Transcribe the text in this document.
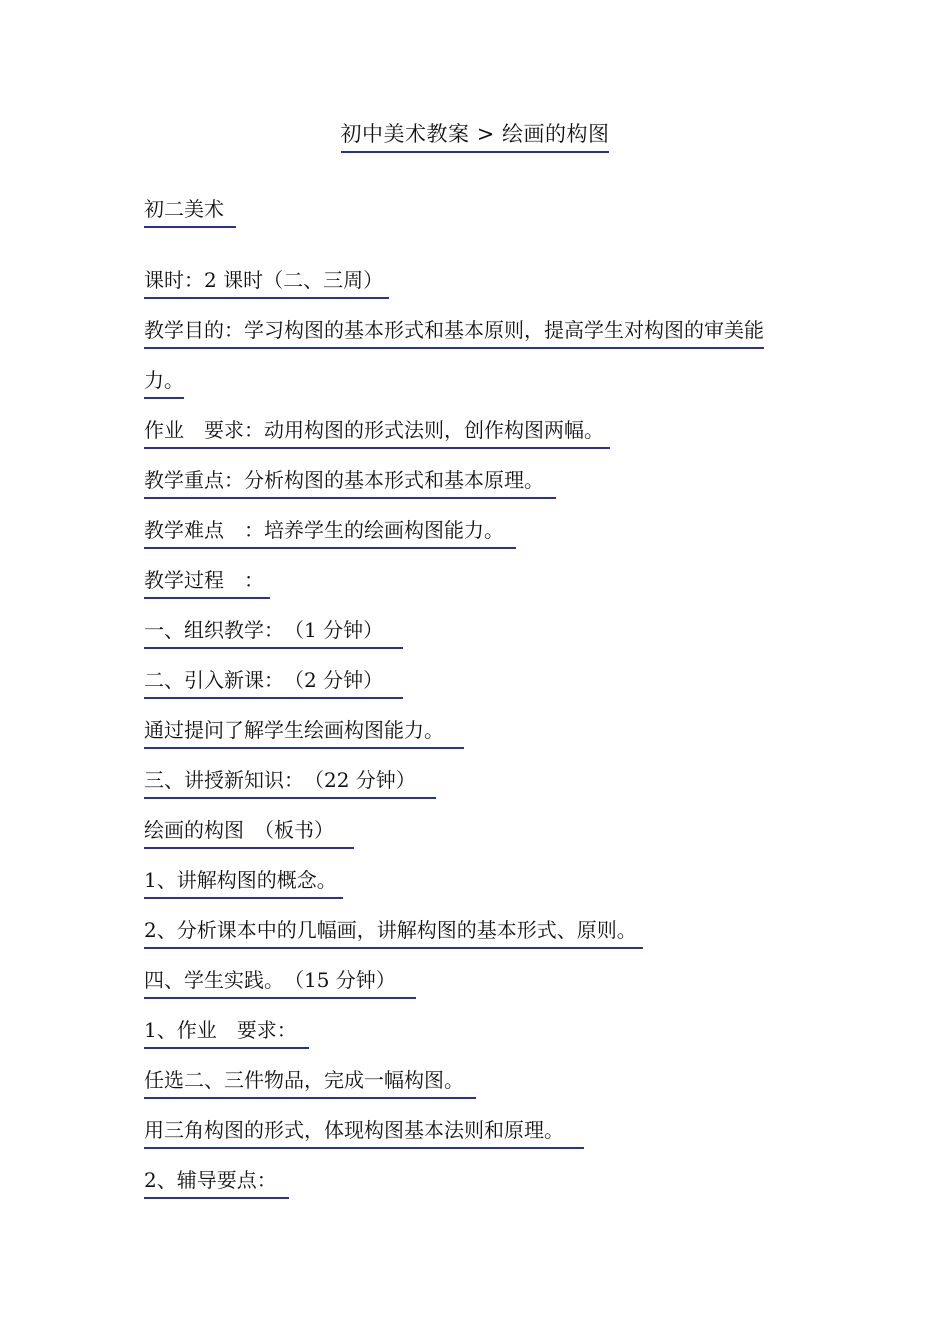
初中美术教案 > 绘画的构图
初二美术
课时：2 课时（二、三周）
教学目的：学习构图的基本形式和基本原则，提高学生对构图的审美能
力。
作业　要求：动用构图的形式法则，创作构图两幅。
教学重点：分析构图的基本形式和基本原理。
教学难点　：培养学生的绘画构图能力。
教学过程　：
一、组织教学：　（1 分钟）
二、引入新课：　（2 分钟）
通过提问了解学生绘画构图能力。
三、讲授新知识：　（22 分钟）
绘画的构图　（板书）
1、讲解构图的概念。
2、分析课本中的几幅画，讲解构图的基本形式、原则。
四、学生实践。　（15 分钟）
1、作业　要求：
任选二、三件物品，完成一幅构图。
用三角构图的形式，体现构图基本法则和原理。
2、辅导要点：
